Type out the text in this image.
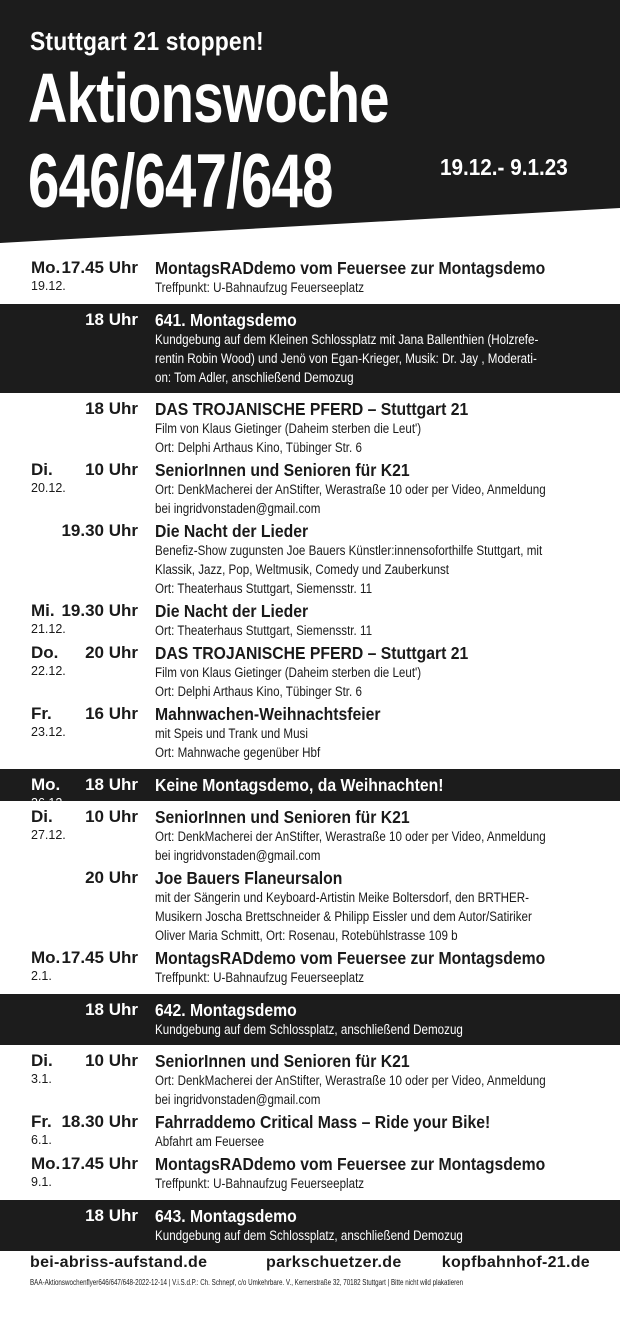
Stuttgart 21 stoppen!
Aktionswoche
646/647/648	19.12.- 9.1.23
Mo.
19.12.
17.45 Uhr MontagsRADdemo vom Feuersee zur Montagsdemo
Treffpunkt: U-Bahnaufzug Feuerseeplatz
18 Uhr 641. Montagsdemo
Kundgebung auf dem Kleinen Schlossplatz mit Jana Ballenthien (Holzrefe-
rentin Robin Wood) und Jenö von Egan-Krieger, Musik: Dr. Jay , Moderati-
on: Tom Adler, anschließend Demozug
18 Uhr DAS TROJANISCHE PFERD – Stuttgart 21
Film von Klaus Gietinger (Daheim sterben die Leut')
Ort: Delphi Arthaus Kino, Tübinger Str. 6
Di.
20.12.
10 Uhr SeniorInnen und Senioren für K21
Ort: DenkMacherei der AnStifter, Werastraße 10 oder per Video, Anmeldung
bei ingridvonstaden@gmail.com
19.30 Uhr Die Nacht der Lieder
Benefiz-Show zugunsten Joe Bauers Künstler:innensoforthilfe Stuttgart, mit
Klassik, Jazz, Pop, Weltmusik, Comedy und Zauberkunst
Ort: Theaterhaus Stuttgart, Siemensstr. 11
Mi.
21.12.
19.30 Uhr Die Nacht der Lieder
Ort: Theaterhaus Stuttgart, Siemensstr. 11
Do.
22.12.
20 Uhr DAS TROJANISCHE PFERD – Stuttgart 21
Film von Klaus Gietinger (Daheim sterben die Leut')
Ort: Delphi Arthaus Kino, Tübinger Str. 6
Fr.
23.12.
16 Uhr Mahnwachen-Weihnachtsfeier
mit Speis und Trank und Musi
Ort: Mahnwache gegenüber Hbf
Mo.
26.12.
18 Uhr Keine Montagsdemo, da Weihnachten!
Di.
27.12.
10 Uhr SeniorInnen und Senioren für K21
Ort: DenkMacherei der AnStifter, Werastraße 10 oder per Video, Anmeldung
bei ingridvonstaden@gmail.com
20 Uhr Joe Bauers Flaneursalon
mit der Sängerin und Keyboard-Artistin Meike Boltersdorf, den BRTHER-
Musikern Joscha Brettschneider & Philipp Eissler und dem Autor/Satiriker
Oliver Maria Schmitt, Ort: Rosenau, Rotebühlstrasse 109 b
Mo.
2.1.
17.45 Uhr MontagsRADdemo vom Feuersee zur Montagsdemo
Treffpunkt: U-Bahnaufzug Feuerseeplatz
18 Uhr 642. Montagsdemo
Kundgebung auf dem Schlossplatz, anschließend Demozug
Di.
3.1.
10 Uhr SeniorInnen und Senioren für K21
Ort: DenkMacherei der AnStifter, Werastraße 10 oder per Video, Anmeldung
bei ingridvonstaden@gmail.com
Fr.
6.1.
18.30 Uhr Fahrraddemo Critical Mass – Ride your Bike!
Abfahrt am Feuersee
Mo.
9.1.
17.45 Uhr MontagsRADdemo vom Feuersee zur Montagsdemo
Treffpunkt: U-Bahnaufzug Feuerseeplatz
18 Uhr 643. Montagsdemo
Kundgebung auf dem Schlossplatz, anschließend Demozug
bei-abriss-aufstand.de	parkschuetzer.de	kopfbahnhof-21.de
BAA-Aktionswochenflyer646/647/648-2022-12-14 | V.i.S.d.P.: Ch. Schnepf, c/o Umkehrbare. V., Kernerstraße 32, 70182 Stuttgart | Bitte nicht wild plakatieren
